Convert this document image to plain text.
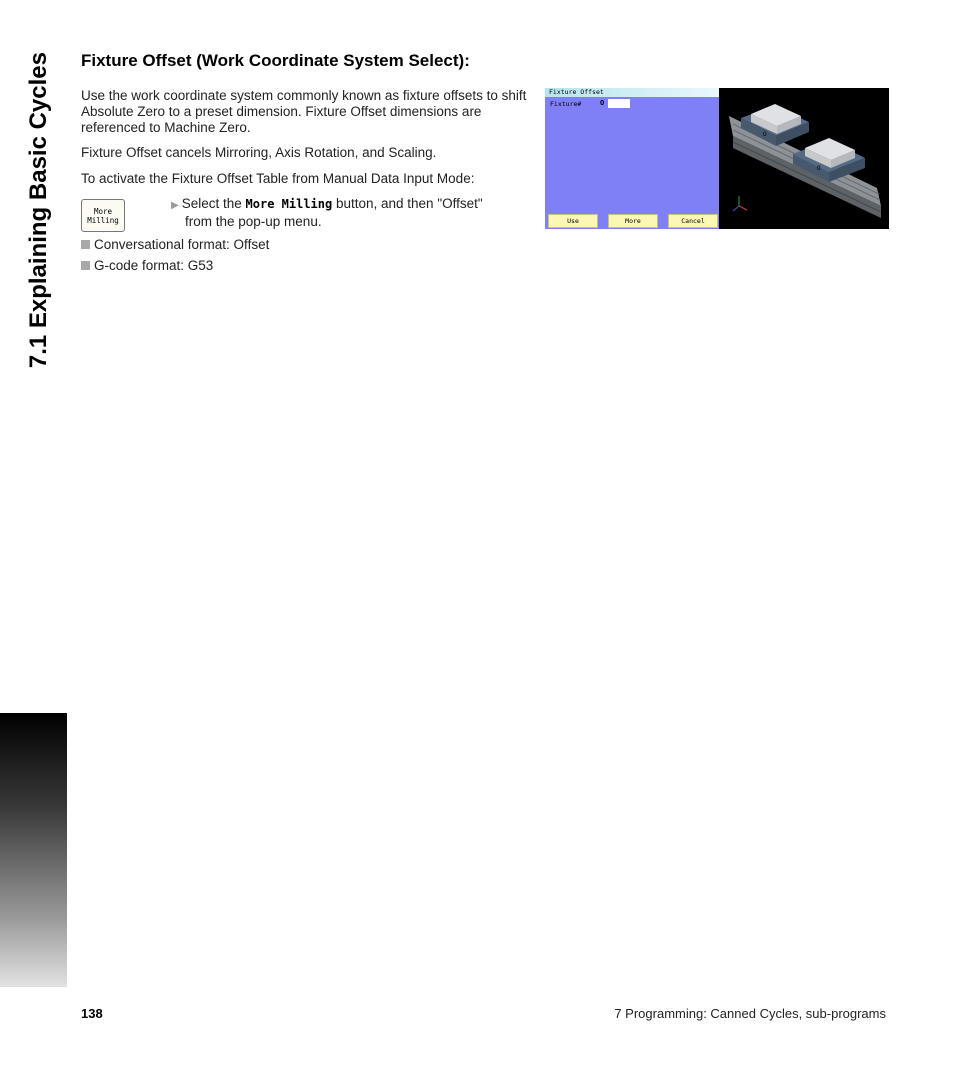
7.1 Explaining Basic Cycles Fixture Offset (Work Coordinate System Select):

Use the work coordinate system commonly known as fixture offsets to shift Absolute Zero to a preset dimension. Fixture Offset dimensions are referenced to Machine Zero.

Fixture Offset cancels Mirroring, Axis Rotation, and Scaling.

To activate the Fixture Offset Table from Manual Data Input Mode:

More
Milling
▶ Select the More Milling button, and then "Offset"
from the pop-up menu.
Conversational format: Offset
G-code format: G53
Fixture Offset
Fixture#	O
Use	More	Cancel
O
O
138	7 Programming: Canned Cycles, sub-programs
